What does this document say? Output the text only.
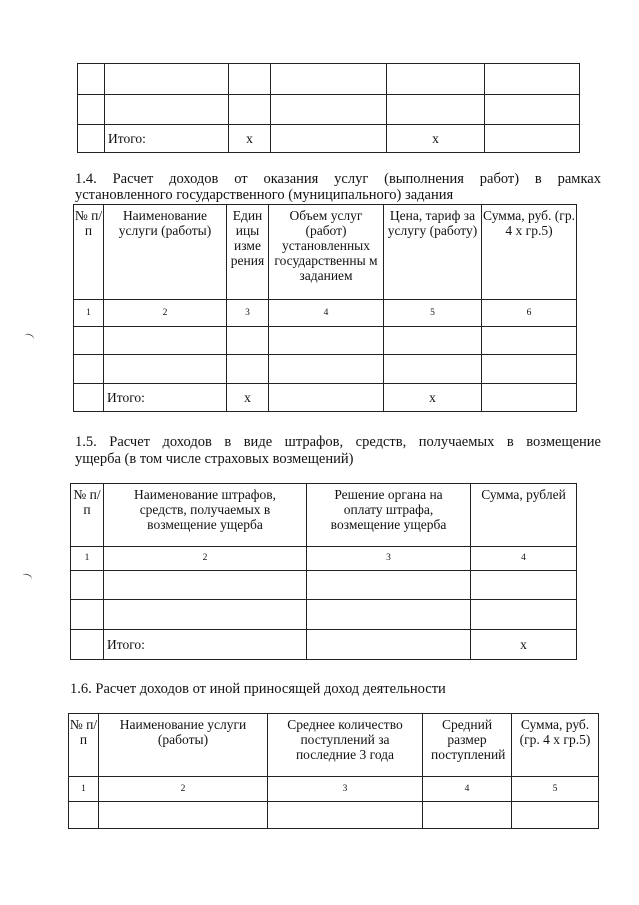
	Итого:	x		x	

1.4. Расчет доходов от оказания услуг (выполнения работ) в рамках

установленного государственного (муниципального) задания

№ п/п	Наименование услуги (работы)	Един ицы изме рения	Объем услуг (работ) установленных государственны м заданием	Цена, тариф за услугу (работу)	Сумма, руб. (гр. 4 х гр.5)
1	2	3	4	5	6

	Итого:	x		x	

1.5. Расчет доходов в виде штрафов, средств, получаемых в возмещение

ущерба (в том числе страховых возмещений)

№ п/п	Наименование штрафов, средств, получаемых в возмещение ущерба	Решение органа на оплату штрафа, возмещение ущерба	Сумма, рублей
1	2	3	4

	Итого:		x

1.6. Расчет доходов от иной приносящей доход деятельности

№ п/п	Наименование услуги (работы)	Среднее количество поступлений за последние 3 года	Средний размер поступлений	Сумма, руб. (гр. 4 х гр.5)
1	2	3	4	5
